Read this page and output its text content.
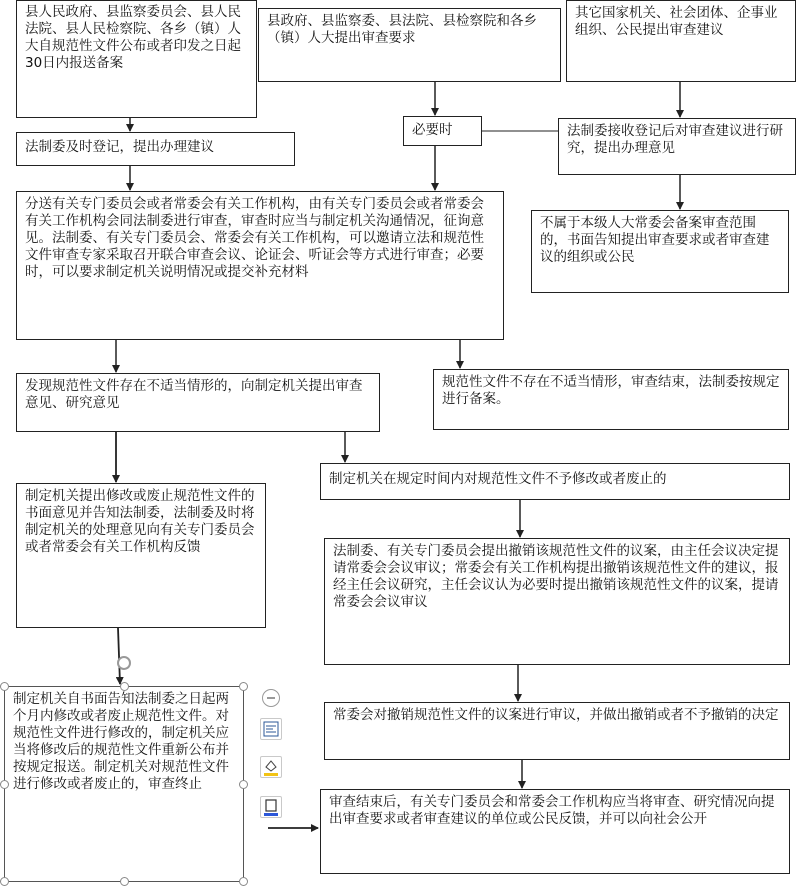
县人民政府、县监察委员会、县人民法院、县人民检察院、各乡（镇）人大自规范性文件公布或者印发之日起30日内报送备案
县政府、县监察委、县法院、县检察院和各乡（镇）人大提出审查要求
其它国家机关、社会团体、企事业组织、公民提出审查建议
法制委及时登记，提出办理建议
必要时	法制委接收登记后对审查建议进行研究，提出办理意见
不属于本级人大常委会备案审查范围的，书面告知提出审查要求或者审查建议的组织或公民
分送有关专门委员会或者常委会有关工作机构，由有关专门委员会或者常委会有关工作机构会同法制委进行审查，审查时应当与制定机关沟通情况，征询意见。法制委、有关专门委员会、常委会有关工作机构，可以邀请立法和规范性文件审查专家采取召开联合审查会议、论证会、听证会等方式进行审查；必要时，可以要求制定机关说明情况或提交补充材料
发现规范性文件存在不适当情形的，向制定机关提出审查意见、研究意见
规范性文件不存在不适当情形，审查结束，法制委按规定进行备案。
制定机关提出修改或废止规范性文件的书面意见并告知法制委，法制委及时将制定机关的处理意见向有关专门委员会或者常委会有关工作机构反馈
制定机关在规定时间内对规范性文件不予修改或者废止的
法制委、有关专门委员会提出撤销该规范性文件的议案，由主任会议决定提请常委会会议审议；常委会有关工作机构提出撤销该规范性文件的建议，报经主任会议研究，主任会议认为必要时提出撤销该规范性文件的议案，提请常委会会议审议
制定机关自书面告知法制委之日起两个月内修改或者废止规范性文件。对规范性文件进行修改的，制定机关应当将修改后的规范性文件重新公布并按规定报送。制定机关对规范性文件进行修改或者废止的，审查终止
常委会对撤销规范性文件的议案进行审议，并做出撤销或者不予撤销的决定
审查结束后，有关专门委员会和常委会工作机构应当将审查、研究情况向提出审查要求或者审查建议的单位或公民反馈，并可以向社会公开
